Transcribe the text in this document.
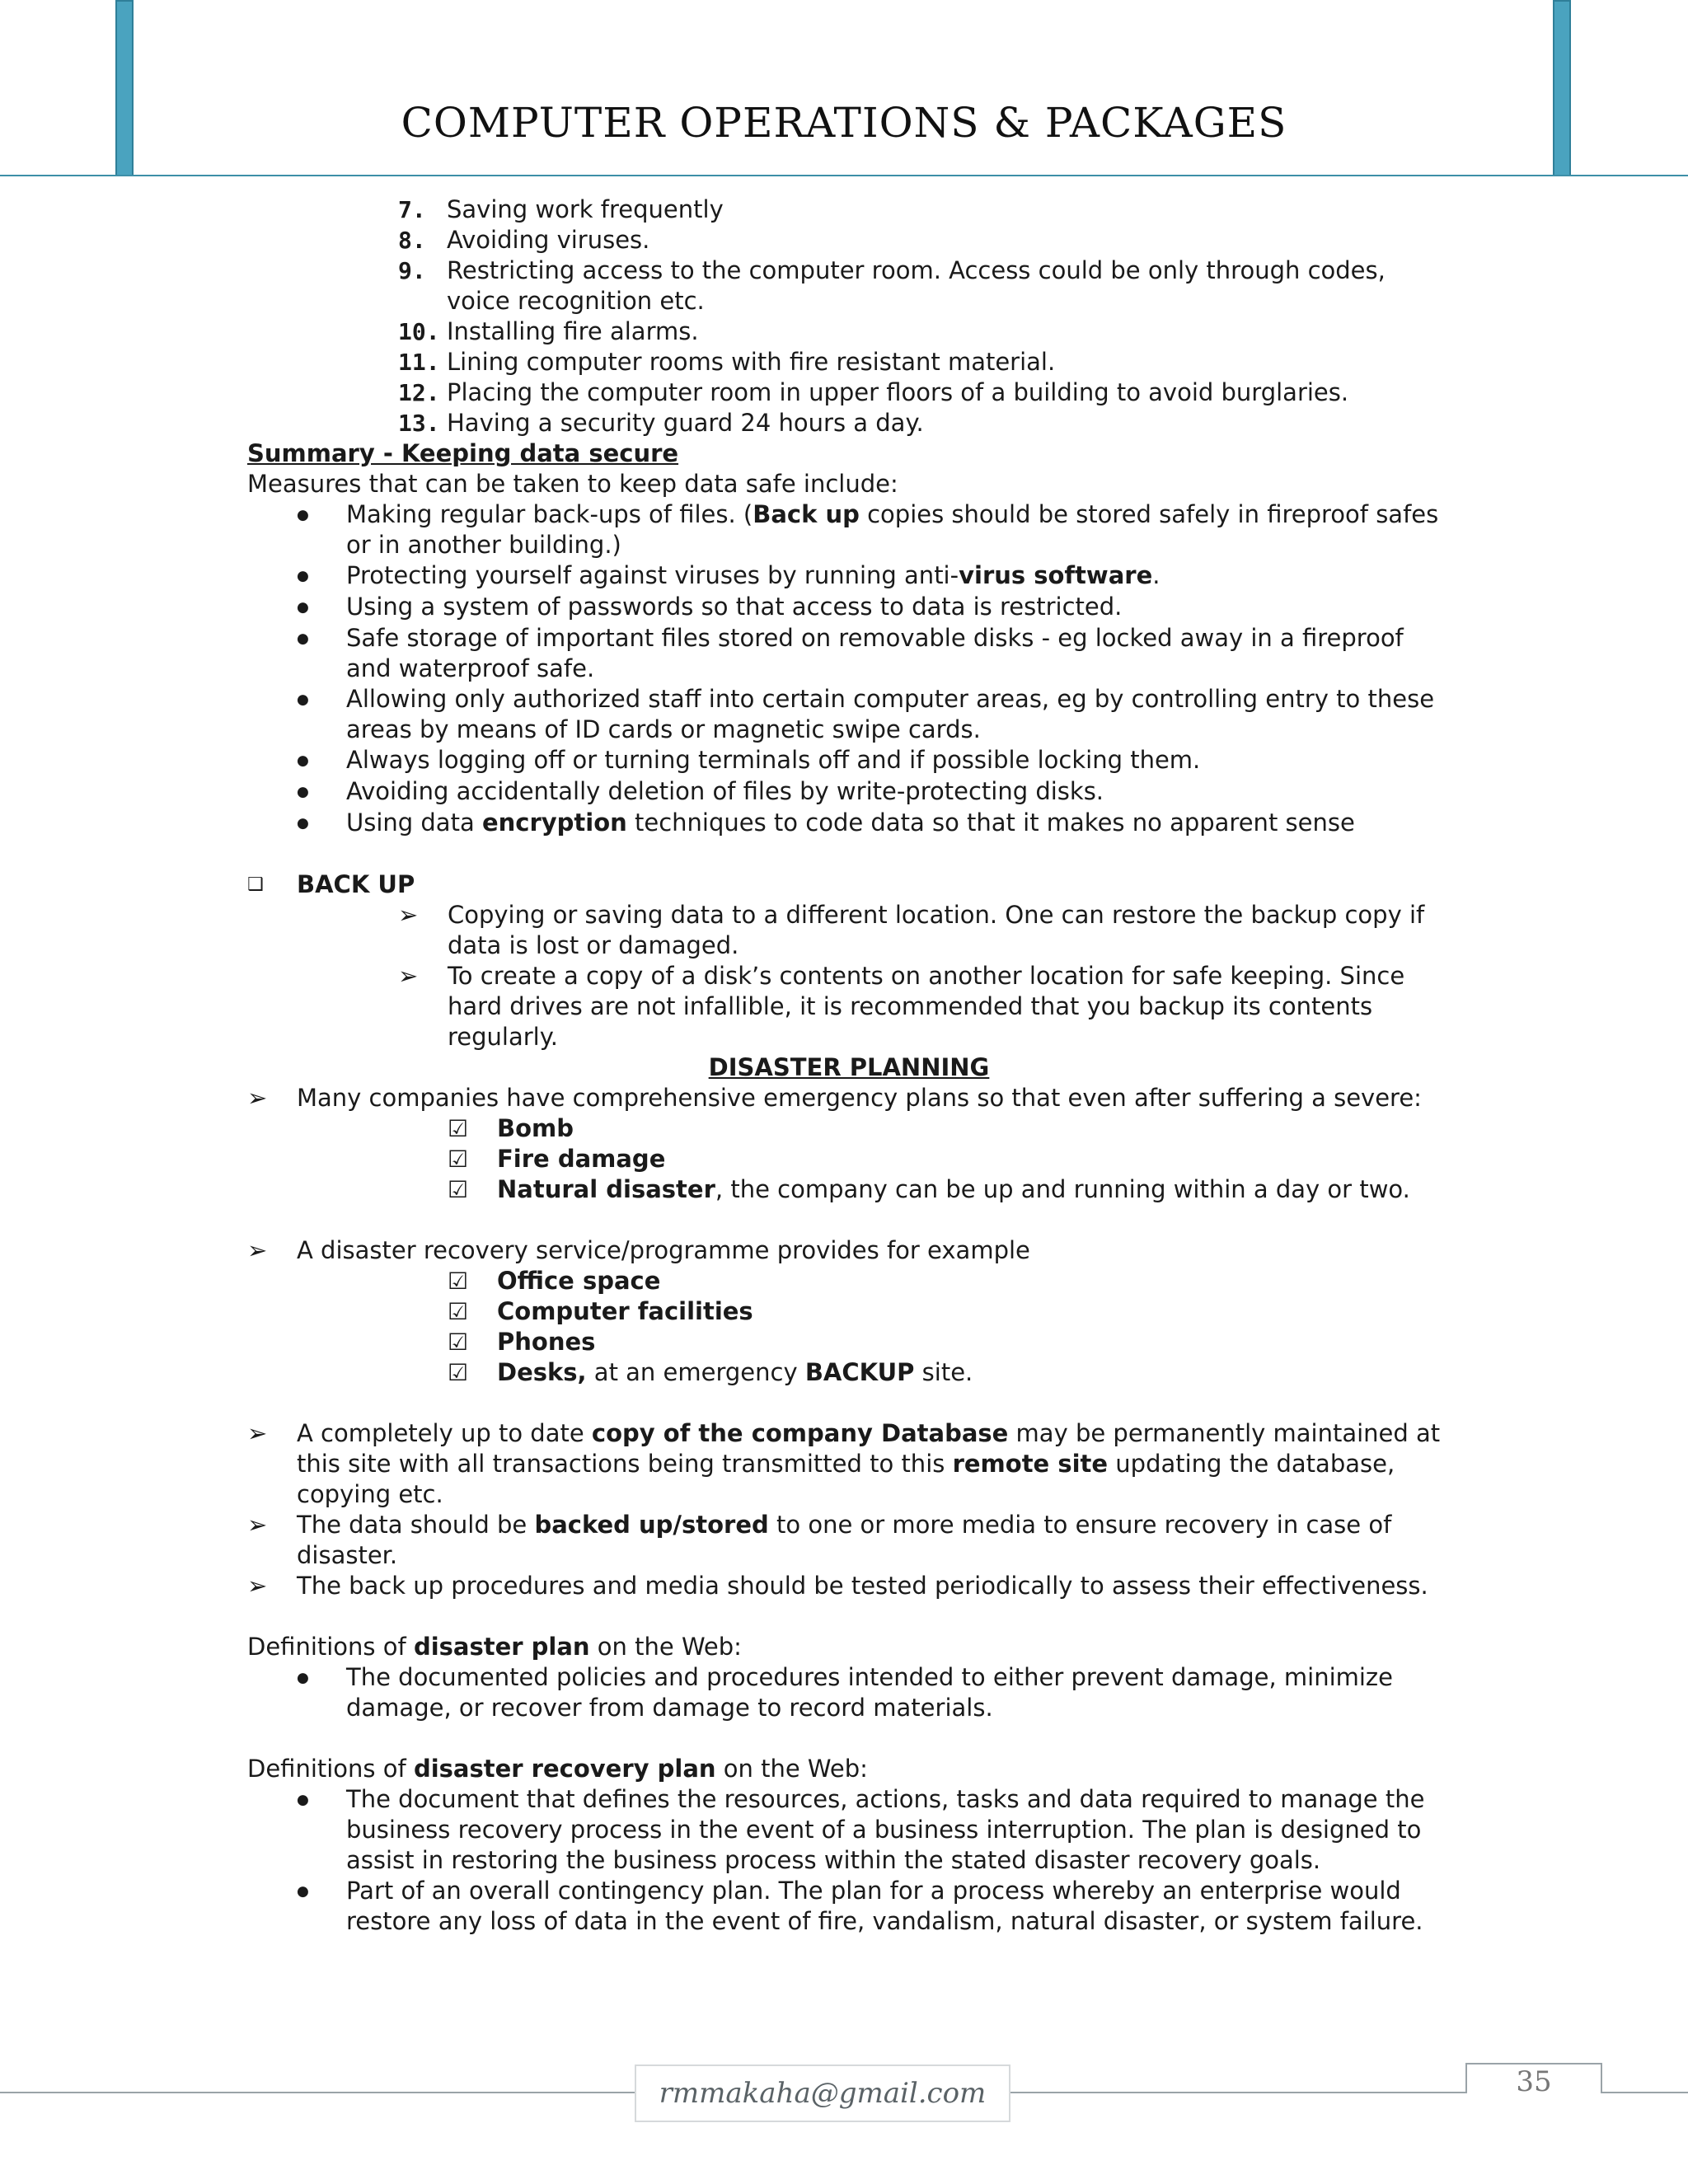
COMPUTER OPERATIONS & PACKAGES
7. Saving work frequently
8. Avoiding viruses.
9. Restricting access to the computer room. Access could be only through codes, voice recognition etc.
10. Installing fire alarms.
11. Lining computer rooms with fire resistant material.
12. Placing the computer room in upper floors of a building to avoid burglaries.
13. Having a security guard 24 hours a day.
Summary - Keeping data secure
Measures that can be taken to keep data safe include:
●
Making regular back-ups of files. (Back up copies should be stored safely in fireproof safes or in another building.)
●
Protecting yourself against viruses by running anti-virus software.
●
Using a system of passwords so that access to data is restricted.
●
Safe storage of important files stored on removable disks - eg locked away in a fireproof and waterproof safe.
●
Allowing only authorized staff into certain computer areas, eg by controlling entry to these areas by means of ID cards or magnetic swipe cards.
●
Always logging off or turning terminals off and if possible locking them.
●
Avoiding accidentally deletion of files by write-protecting disks.
●
Using data encryption techniques to code data so that it makes no apparent sense
❑	BACK UP
➢	Copying or saving data to a different location. One can restore the backup copy if data is lost or damaged.
➢	To create a copy of a disk’s contents on another location for safe keeping. Since hard drives are not infallible, it is recommended that you backup its contents regularly.
DISASTER PLANNING
➢	Many companies have comprehensive emergency plans so that even after suffering a severe:
☑	Bomb
☑	Fire damage
☑	Natural disaster, the company can be up and running within a day or two.
➢	A disaster recovery service/programme provides for example
☑	Office space
☑	Computer facilities
☑	Phones
☑	Desks, at an emergency BACKUP site.
➢	A completely up to date copy of the company Database may be permanently maintained at this site with all transactions being transmitted to this remote site updating the database, copying etc.
➢	The data should be backed up/stored to one or more media to ensure recovery in case of disaster.
➢	The back up procedures and media should be tested periodically to assess their effectiveness.
Definitions of disaster plan on the Web:
●
The documented policies and procedures intended to either prevent damage, minimize damage, or recover from damage to record materials.
Definitions of disaster recovery plan on the Web:
●
The document that defines the resources, actions, tasks and data required to manage the business recovery process in the event of a business interruption. The plan is designed to assist in restoring the business process within the stated disaster recovery goals.
●
Part of an overall contingency plan. The plan for a process whereby an enterprise would restore any loss of data in the event of fire, vandalism, natural disaster, or system failure.
rmmakaha@gmail.com	35
